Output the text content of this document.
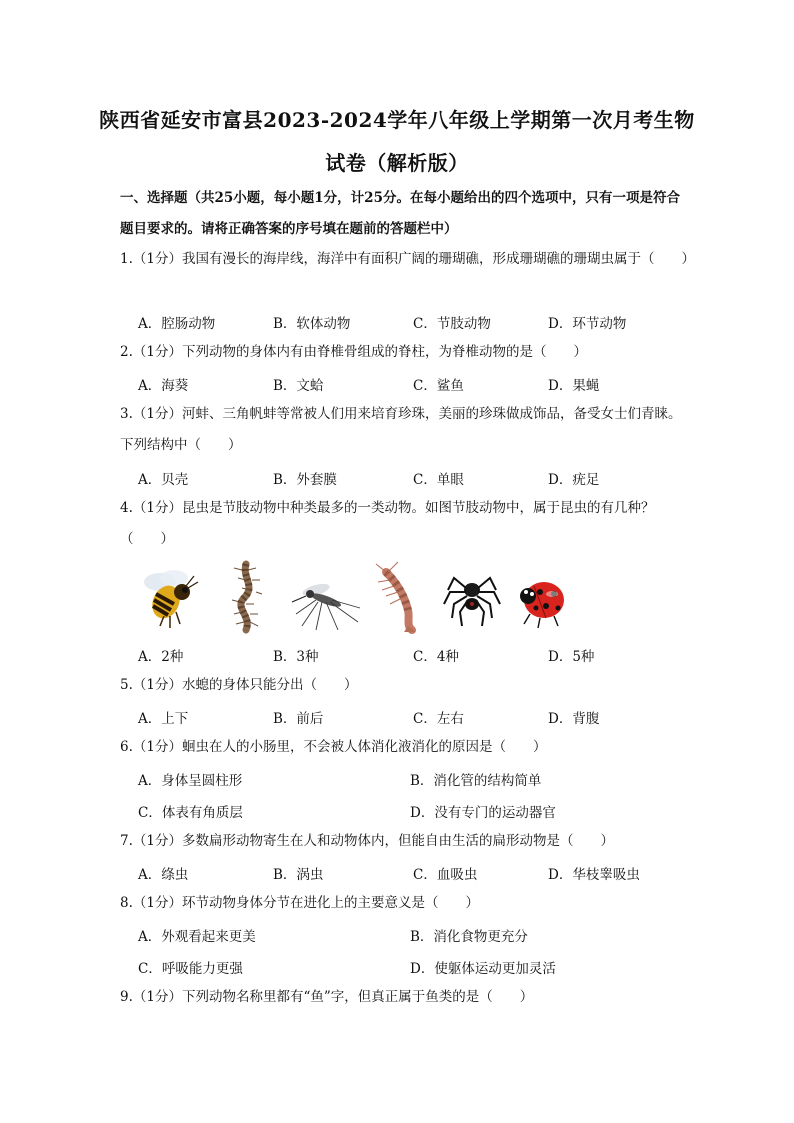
陕西省延安市富县2023-2024学年八年级上学期第一次月考生物
试卷（解析版）
一、选择题（共25小题，每小题1分，计25分。在每小题给出的四个选项中，只有一项是符合题目要求的。请将正确答案的序号填在题前的答题栏中）
1.（1分）我国有漫长的海岸线，海洋中有面积广阔的珊瑚礁，形成珊瑚礁的珊瑚虫属于（　　）
A．腔肠动物	B．软体动物	C．节肢动物	D．环节动物
2.（1分）下列动物的身体内有由脊椎骨组成的脊柱，为脊椎动物的是（　　）
A．海葵	B．文蛤	C．鲨鱼	D．果蝇
3.（1分）河蚌、三角帆蚌等常被人们用来培育珍珠，美丽的珍珠做成饰品，备受女士们青睐。下列结构中（　　）
A．贝壳	B．外套膜	C．单眼	D．疣足
4.（1分）昆虫是节肢动物中种类最多的一类动物。如图节肢动物中，属于昆虫的有几种？（　　）
A．2种	B．3种	C．4种	D．5种
5.（1分）水螅的身体只能分出（　　）
A．上下	B．前后	C．左右	D．背腹
6.（1分）蛔虫在人的小肠里，不会被人体消化液消化的原因是（　　）
A．身体呈圆柱形	B．消化管的结构简单
C．体表有角质层	D．没有专门的运动器官
7.（1分）多数扁形动物寄生在人和动物体内，但能自由生活的扁形动物是（　　）
A．绦虫	B．涡虫	C．血吸虫	D．华枝睾吸虫
8.（1分）环节动物身体分节在进化上的主要意义是（　　）
A．外观看起来更美	B．消化食物更充分
C．呼吸能力更强	D．使躯体运动更加灵活
9.（1分）下列动物名称里都有“鱼”字，但真正属于鱼类的是（　　）
